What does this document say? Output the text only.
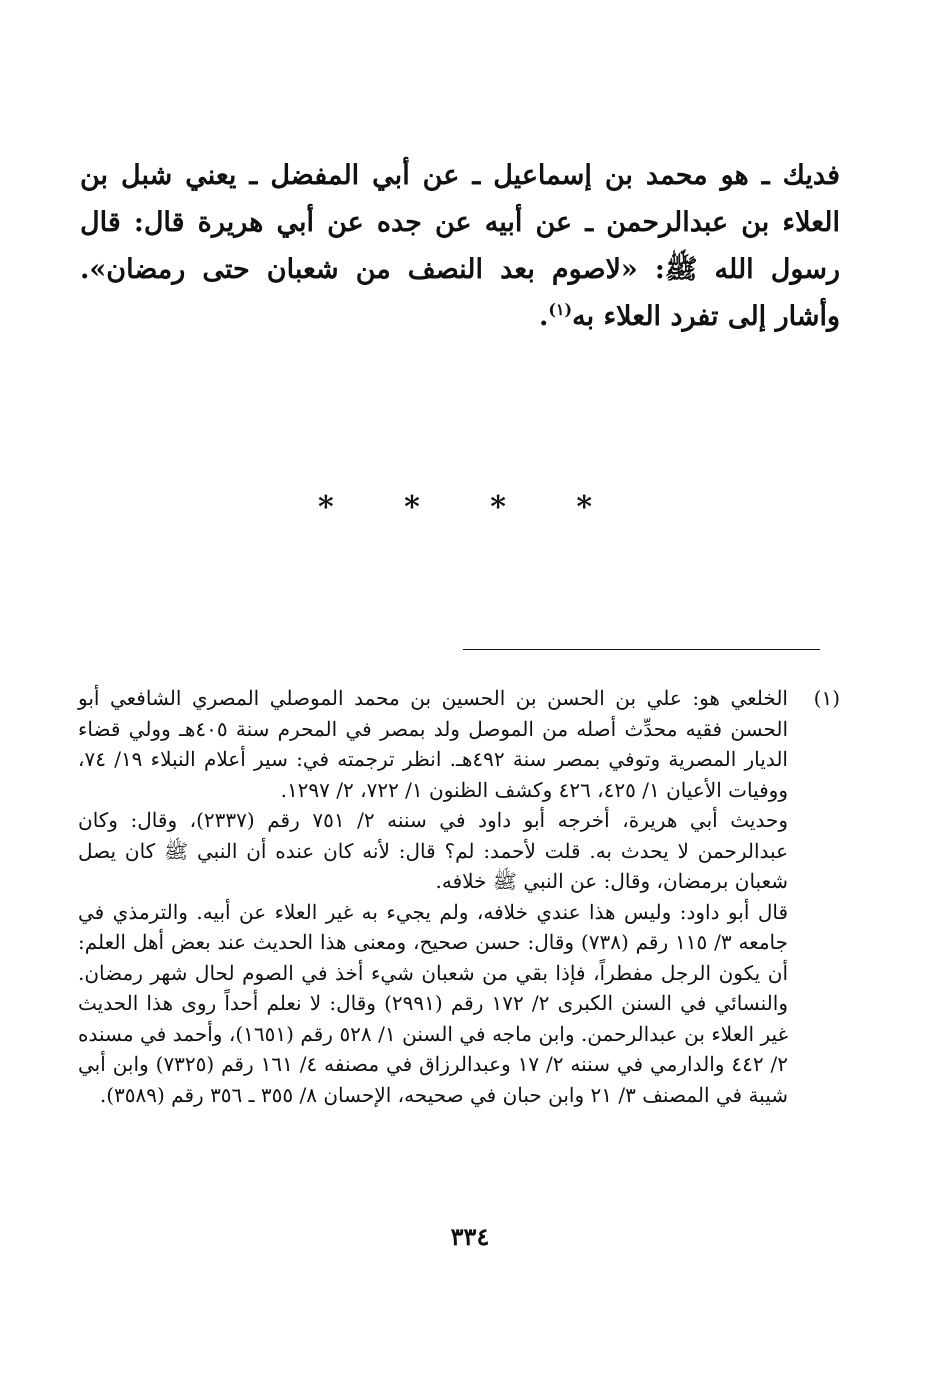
فديك ـ هو محمد بن إسماعيل ـ عن أبي المفضل ـ يعني شبل بن العلاء بن عبدالرحمن ـ عن أبيه عن جده عن أبي هريرة قال: قال رسول الله ﷺ: «لاصوم بعد النصف من شعبان حتى رمضان». وأشار إلى تفرد العلاء به$^{(١)}$.

* * * *
(١)

الخلعي هو: علي بن الحسن بن الحسين بن محمد الموصلي المصري الشافعي أبو الحسن فقيه محدِّث أصله من الموصل ولد بمصر في المحرم سنة ٤٠٥هـ وولي قضاء الديار المصرية وتوفي بمصر سنة ٤٩٢هـ. انظر ترجمته في: سير أعلام النبلاء ١٩/ ٧٤، ووفيات الأعيان ١/ ٤٢٥، ٤٢٦ وكشف الظنون ١/ ٧٢٢، ٢/ ١٢٩٧.

وحديث أبي هريرة، أخرجه أبو داود في سننه ٢/ ٧٥١ رقم (٢٣٣٧)، وقال: وكان عبدالرحمن لا يحدث به. قلت لأحمد: لم؟ قال: لأنه كان عنده أن النبي ﷺ كان يصل شعبان برمضان، وقال: عن النبي ﷺ خلافه.

قال أبو داود: وليس هذا عندي خلافه، ولم يجيء به غير العلاء عن أبيه. والترمذي في جامعه ٣/ ١١٥ رقم (٧٣٨) وقال: حسن صحيح، ومعنى هذا الحديث عند بعض أهل العلم: أن يكون الرجل مفطراً، فإذا بقي من شعبان شيء أخذ في الصوم لحال شهر رمضان. والنسائي في السنن الكبرى ٢/ ١٧٢ رقم (٢٩٩١) وقال: لا نعلم أحداً روى هذا الحديث غير العلاء بن عبدالرحمن. وابن ماجه في السنن ١/ ٥٢٨ رقم (١٦٥١)، وأحمد في مسنده ٢/ ٤٤٢ والدارمي في سننه ٢/ ١٧ وعبدالرزاق في مصنفه ٤/ ١٦١ رقم (٧٣٢٥) وابن أبي شيبة في المصنف ٣/ ٢١ وابن حبان في صحيحه، الإحسان ٨/ ٣٥٥ ـ ٣٥٦ رقم (٣٥٨٩).

٣٣٤
